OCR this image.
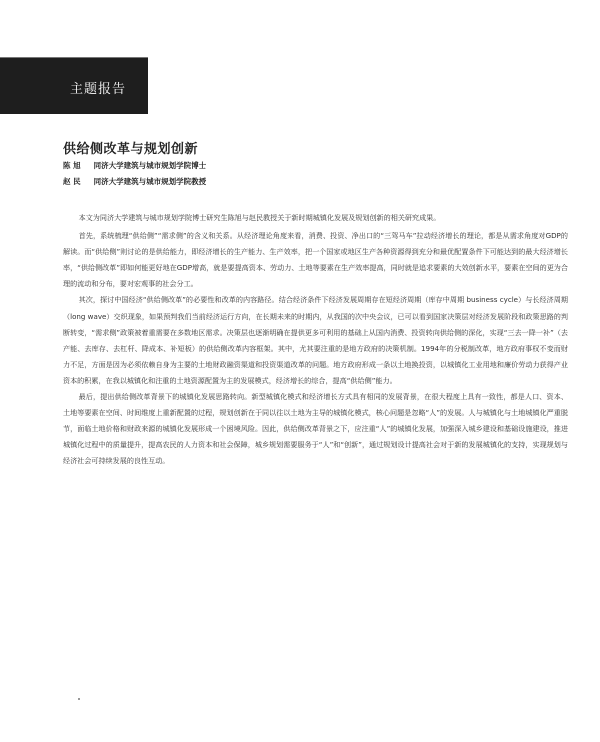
主题报告
供给侧改革与规划创新
陈 旭 同济大学建筑与城市规划学院博士
赵 民 同济大学建筑与城市规划学院教授

本文为同济大学建筑与城市规划学院博士研究生陈旭与赵民教授关于新时期城镇化发展及规划创新的相关研究成果。

首先，系统梳理“供给侧”“需求侧”的含义和关系。从经济理论角度来看，消费、投资、净出口的“三驾马车”拉动经济增长的理论，都是从需求角度对GDP的解读。而“供给侧”则讨论的是供给能力，即经济增长的生产能力、生产效率，把一个国家或地区生产各种资源得到充分和最优配置条件下可能达到的最大经济增长率，“供给侧改革”即如何能更好地在GDP增高，就是要提高资本、劳动力、土地等要素在生产效率提高，同时就是追求要素的大效创新水平，要素在空间的更为合理的流动和分布，要对宏观事的社会分工。

其次，探讨中国经济“供给侧改革”的必要性和改革的内容路径。结合经济条件下经济发展周期存在短经济周期（库存中周期 business cycle）与长经济周期（long wave）交织现象，如果预判我们当前经济运行方向，在长期未来的时期内，从我国的次中央会议，已可以看到国家决策层对经济发展阶段和政策思路的判断转变，“需求侧”政策被着重需要在多数地区需求。决策层也逐渐明确在提供更多可利用的基础上从国内消费、投资转向供给侧的深化，实现“三去一降一补”（去产能、去库存、去杠杆、降成本、补短板）的供给侧改革内容框架。其中，尤其要注重的是地方政府的决策机制。1994年的分税制改革，地方政府事权不变而财力不足，方面是因为必须依赖自身为主要的土地财政融资渠道和投资渠道改革的问题。地方政府形成一条以土地换投资，以城镇化工业用地和廉价劳动力获得产业资本的积累，在我以城镇化和注重的土地资源配置为主的发展模式，经济增长的综合，提高“供给侧”能力。

最后，提出供给侧改革背景下的城镇化发展思路转向。新型城镇化模式和经济增长方式具有相同的发展背景，在很大程度上具有一致性，都是人口、资本、土地等要素在空间、时间维度上重新配置的过程，规划创新在于同以往以土地为主导的城镇化模式，核心问题是忽略“人”的发展。人与城镇化与土地城镇化严重脱节，面临土地价格和财政来源的城镇化发展形成一个困境风险。因此，供给侧改革背景之下，应注重“人”的城镇化发展，加强深入城乡建设和基础设施建设，推进城镇化过程中的质量提升，提高农民的人力资本和社会保障，城乡规划需要服务于“人”和“创新”，通过规划设计提高社会对于新的发展城镇化的支持，实现规划与经济社会可持续发展的良性互动。
